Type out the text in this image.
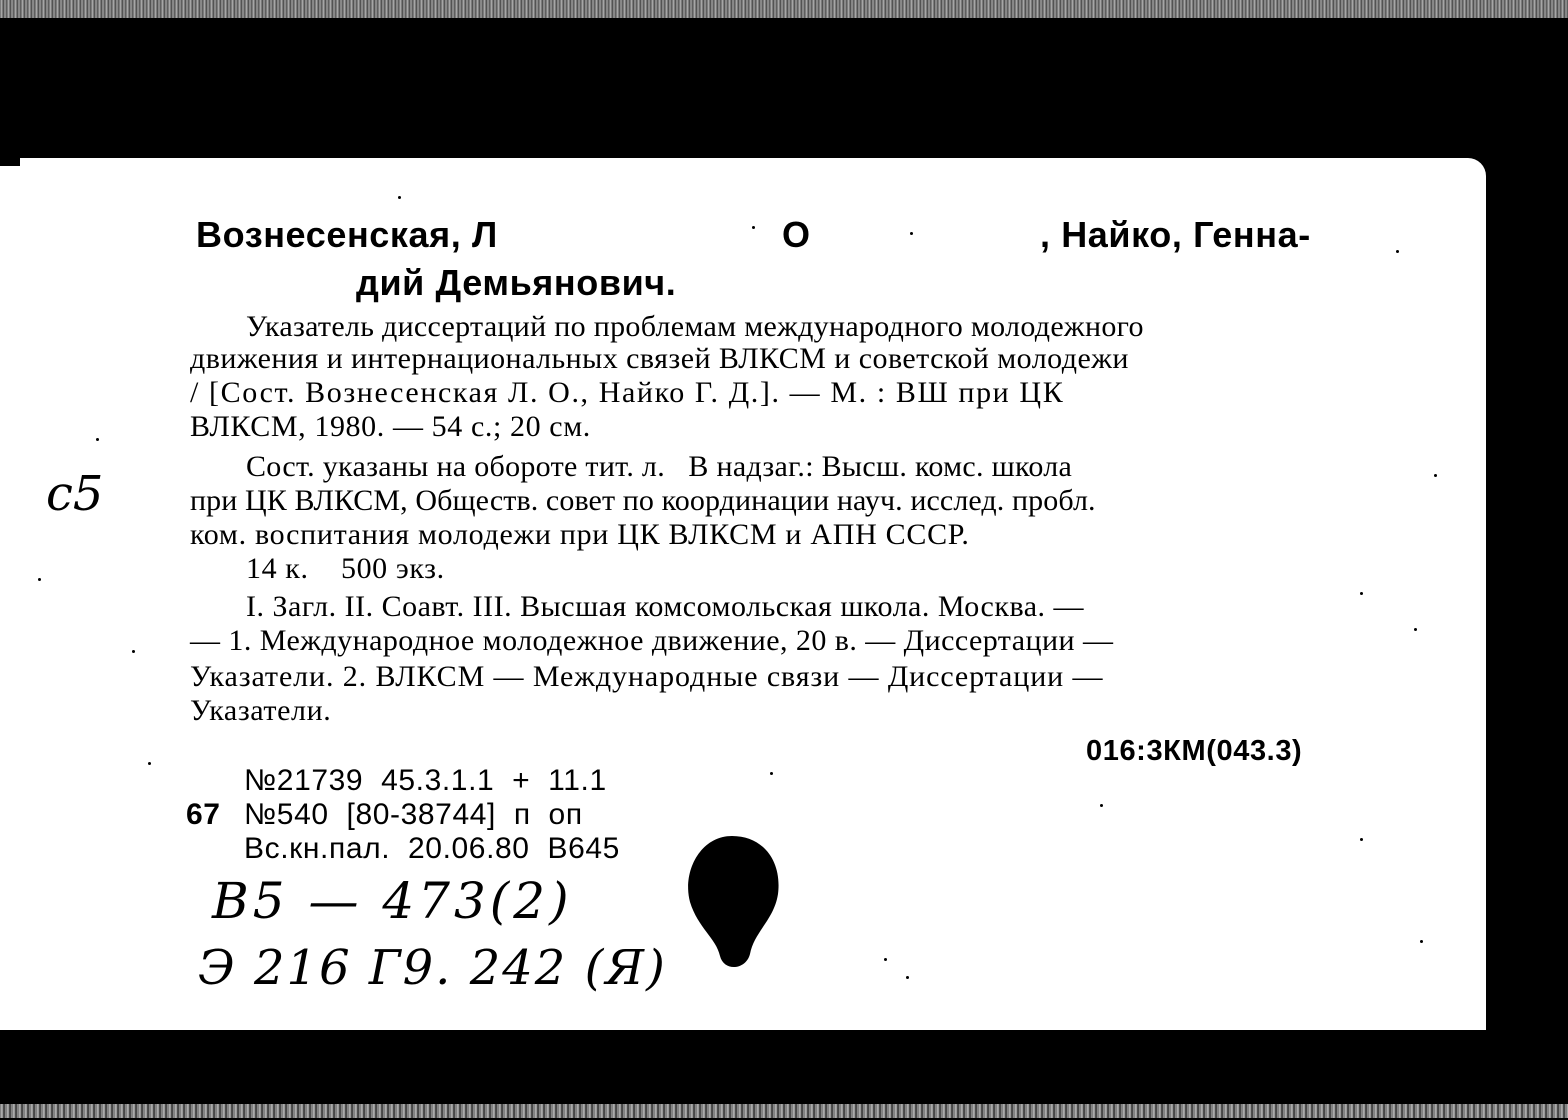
Вознесенская, Л	О	, Найко, Генна-
дий Демьянович.
Указатель диссертаций по проблемам международного молодежного
движения и интернациональных связей ВЛКСМ и советской молодежи
/ [Сост. Вознесенская Л. О., Найко Г. Д.]. — М. : ВШ при ЦК
ВЛКСМ, 1980. — 54 с.; 20 см.
Сост. указаны на обороте тит. л.   В надзаг.: Высш. комс. школа
при ЦК ВЛКСМ, Обществ. совет по координации науч. исслед. пробл.
ком. воспитания молодежи при ЦК ВЛКСМ и АПН СССР.
14 к.    500 экз.
I. Загл. II. Соавт. III. Высшая комсомольская школа. Москва. —
— 1. Международное молодежное движение, 20 в. — Диссертации —
Указатели. 2. ВЛКСМ — Международные связи — Диссертации —
Указатели.
016:3КМ(043.3)
№21739  45.3.1.1  +  11.1
67 №540  [80-38744]  п  оп
Вс.кн.пал.  20.06.80  В645
B5 — 473(2)
Э 216 Г9. 242 (Я)
c5
